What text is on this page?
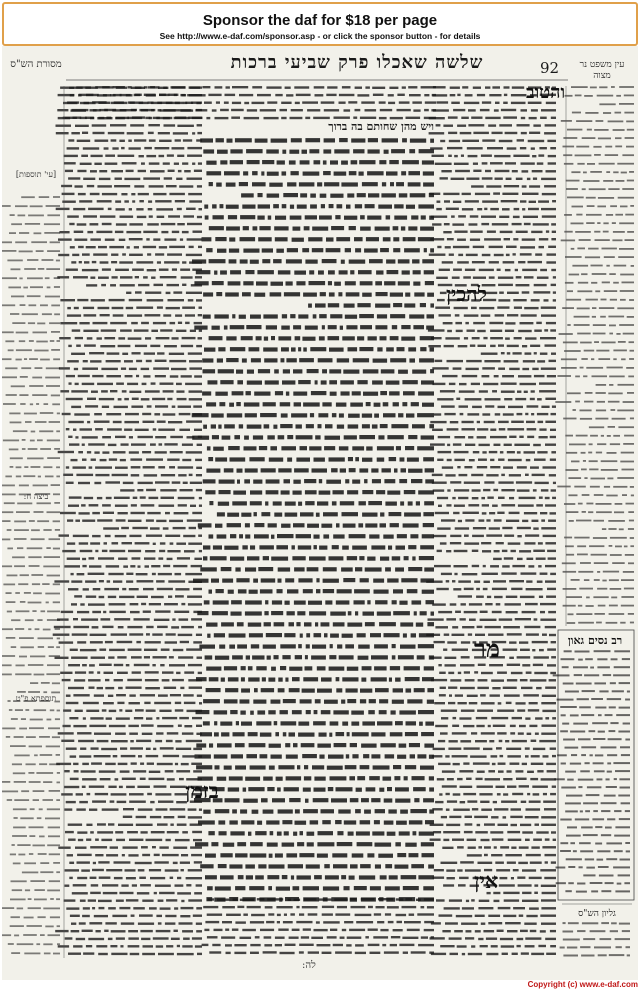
Sponsor the daf for $18 per page
See http://www.e-daf.com/sponsor.asp - or click the sponsor button - for details
שלשה שאכלו פרק שביעי ברכות	92
מסורת הש"ס	עין משפט נר מצוה
והטוב
ויש מהן שחותם בה ברוך
להכין
מר
בזמן
אין
רב נסים גאון
גליון הש"ס
[עי' תוספות]
ביצה ח:
תוספתא פ"ט
לה:
Copyright (c) www.e-daf.com
